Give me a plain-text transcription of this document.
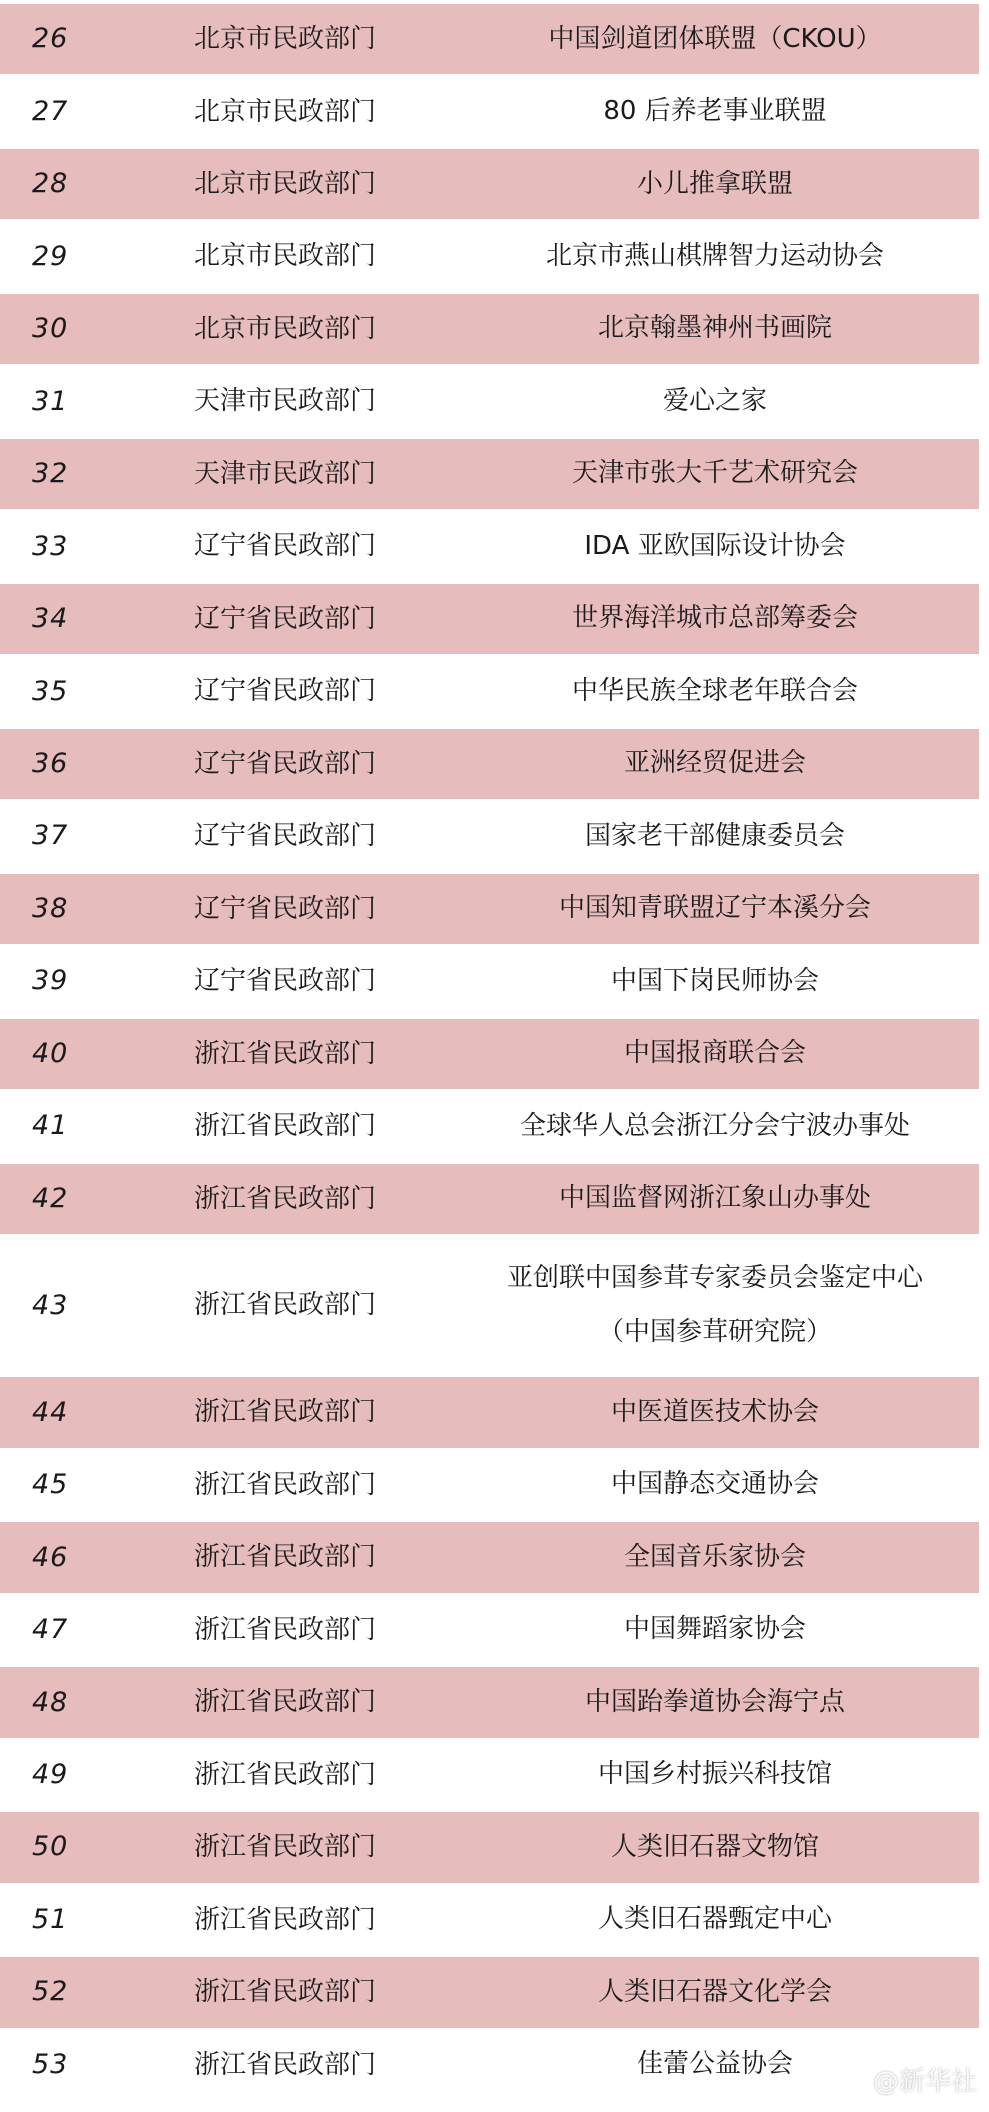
26	北京市民政部门	中国剑道团体联盟（CKOU）
27	北京市民政部门	80 后养老事业联盟
28	北京市民政部门	小儿推拿联盟
29	北京市民政部门	北京市燕山棋牌智力运动协会
30	北京市民政部门	北京翰墨神州书画院
31	天津市民政部门	爱心之家
32	天津市民政部门	天津市张大千艺术研究会
33	辽宁省民政部门	IDA 亚欧国际设计协会
34	辽宁省民政部门	世界海洋城市总部筹委会
35	辽宁省民政部门	中华民族全球老年联合会
36	辽宁省民政部门	亚洲经贸促进会
37	辽宁省民政部门	国家老干部健康委员会
38	辽宁省民政部门	中国知青联盟辽宁本溪分会
39	辽宁省民政部门	中国下岗民师协会
40	浙江省民政部门	中国报商联合会
41	浙江省民政部门	全球华人总会浙江分会宁波办事处
42	浙江省民政部门	中国监督网浙江象山办事处
43	浙江省民政部门
亚创联中国参茸专家委员会鉴定中心
（中国参茸研究院）
44	浙江省民政部门	中医道医技术协会
45	浙江省民政部门	中国静态交通协会
46	浙江省民政部门	全国音乐家协会
47	浙江省民政部门	中国舞蹈家协会
48	浙江省民政部门	中国跆拳道协会海宁点
49	浙江省民政部门	中国乡村振兴科技馆
50	浙江省民政部门	人类旧石器文物馆
51	浙江省民政部门	人类旧石器甄定中心
52	浙江省民政部门	人类旧石器文化学会
53	浙江省民政部门	佳蕾公益协会
@新华社
